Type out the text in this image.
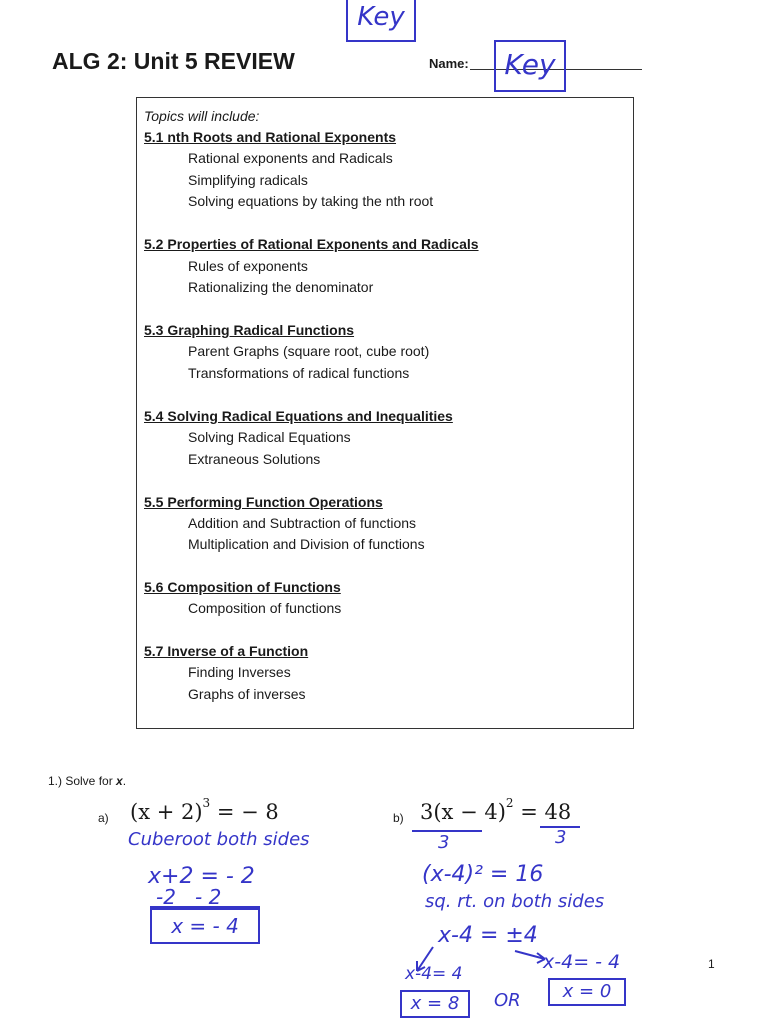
Key
ALG 2: Unit 5 REVIEW	Name:	Key
Topics will include:
5.1 nth Roots and Rational Exponents
Rational exponents and Radicals
Simplifying radicals
Solving equations by taking the nth root
5.2 Properties of Rational Exponents and Radicals
Rules of exponents
Rationalizing the denominator
5.3 Graphing Radical Functions
Parent Graphs (square root, cube root)
Transformations of radical functions
5.4 Solving Radical Equations and Inequalities
Solving Radical Equations
Extraneous Solutions
5.5 Performing Function Operations
Addition and Subtraction of functions
Multiplication and Division of functions
5.6 Composition of Functions
Composition of functions
5.7 Inverse of a Function
Finding Inverses
Graphs of inverses
1.) Solve for x.
a) $(x + 2)^3$ = − 8
Cuberoot both sides
x+2 = - 2
-2   - 2
x = - 4
b) $3(x - 4)^2 = 48$
3	3
(x-4)² = 16
sq. rt. on both sides
x-4 = ±4
x-4= 4
x-4= - 4
x = 8	OR	x = 0
1
